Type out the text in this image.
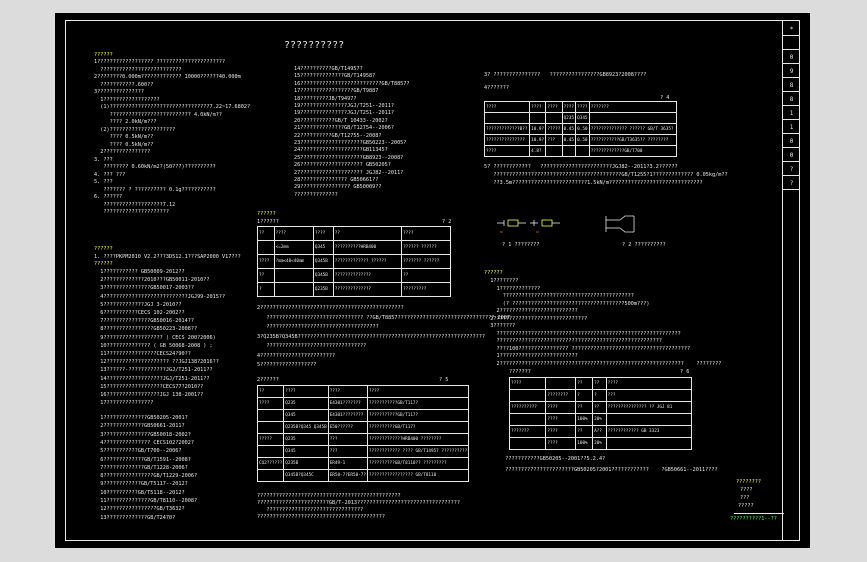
??????????
??????
1?????????????????? ??????????????????????
??????????????????????????
2????????0.000m????????????? 10000??????40.000m
???????????.600??
3???????????????
1??????????????????
(1)????????????????????????????????7.22~17.6802?
?????????????????????????? 4.0kN/m??
???? 2.0kN/m???
(2)?????????????????????
???? 0.5kN/m??
???? 0.5kN/m??
2???????????????
3. ???
???????? 0.60kN/m2?(50???)??????????
4. ??? ???
5. ???
??????? ? ?????????? 0.1g???????????
6. ??????
???????????????????7.12
?????????????????????
??????
1. ????PKPM2010 V2.2???3D512.1???SAP2000 V17???
??????
1??????????? GB50009-2012??
2?????????????2010???GB50011-2010??
3???????????????GB50017-2003??
4???????????????????????????JGJ99-2015??
5?????????????JGJ 3-2010??
6???????????CECS 102-2002??
7???????????????GB50016-2014??
8????????????????GB50223-2008??
9??????????????????? ( CECS 200?2006)
10?????????????? ( GB 50068-2008 ) ;
11????????????????CECS24?90??
12???????????????????? ??JGJ138?2016??
13??????-????????????JGJ/T251-2011??
14??????????????????JGJ/T251-2011??
15??????????????????CECS77?2010??
16?????????????????JGJ 138-2001??
17???????????????
1??????????????GB50205-2001?
2?????????????GB50661-2011?
3???????????????GB50018-2002?
4??????????????? CECS102?2002?
5???????????GB/T700--2006?
6?????????????GB/T1591--2008?
7?????????????GB/T1228-2006?
8????????????????GB/T1229-2006?
9????????????GB/T5117--2012?
10??????????GB/T5118--2012?
11??????????????GB/T8110--2008?
12????????????????GB/T3632?
13?????????????GB/T2470?
14??????????GB/T14957?
15??????????????GB/T14958?
16??????????????????????????GB/T8857?
17?????????????????GB/T9887
18?????????JB/T9497?
19???????????????JGJ/T251--2011?
19???????????????JGJ/T251--2011?
20???????????GB/T 10433--2002?
21??????????????GB/T12754--2006?
22??????????GB/T12755--2008?
23????????????????????GB50223--2005?
24????????????????????GB11345?
25????????????????????GB8923--2008?
26???????????????????? GB50205?
27???????????????????? JGJ82--2011?
28??????????????? GB50661??
29???????????????? GB50009??
??????????????
??????
1??????	? 2
??	????	????	??	????
	<=2mm	Q345	??????????HRB400	?????? ??????
????	?mm<40<40mm	Q345B	????????????? ??????	??????? ??????
??		Q345B	??????????????	??
?		Q235B	??????????????	?????????
2??????????????????????????????????????????????
??????????????????????????????? ??GB/T8857??????????????????????????????? 2007
????????????????????????????????????
3?Q235B?Q345B????????????????????????????????????????????????????????????
????????????????????????????????
4????????????????????????
5??????????????????
2??????	? 5
??	????	????	????
????	Q235	E4301???????	???????????GB/T117?
	Q345	E4301????????	???????????GB/T117?
	Q235B?Q345 Q345B	E50??????	??????????GB/T117?
?????	Q235	???	?????????????HRB400 ????????
	Q345	???	???????????? ???? GB/T14957 ??????????
CO2??????	Q235B	ER49-1	??????????GB/T8110?? ?????????
	Q345B?Q345C	ER50-7?ER50-7?	????????????????? GB/T8110
??????????????????????????????????????????????
???????????????????????GB/T-2013?????????????????????????????????
???????????????????????????????
?????????????????????????????????????????
3? ???????????????   ????????????????GB8923?2008????
4???????
? 4
????	????	????	????	????	???????
			Q235	Q345	
?????????????B??	10.9?	?????	0.45	0.50	?????????????? ?????? GB/T 3635?
???????????????	10.9?	???	0.45	0.50	???????????GB/T3635?? ????????
????	4.8?				?????????????GB/T700
5? ????????????   ???????????????????????JGJ82--2011?3.2??????
?????????????????????????????????????????GB/T1255?1????????????? 0.05kg/m??
??3.5m????????????????????????1.5kN/m??????????????????????????????
? 1 ????????	? 2 ??????????
??????
1????????
1?????????????
??????????????????????????????????????????
(? ????????????????????????????????????500m???)
2?????????????????????????
2??????????????????????????????
3???????
???????????????????????????????????????????????????????????
?????????????????????????????????????????????????????
????100???????????????? ??????????????????????????????????????
1?????????????????????????
2???????????????????????????????????????????????????????????    ????????
???????	? 6
????		??	??	????
	????????	?	?	???
??????????	????	??	??	??????????????? ?? JGJ 81
	????	100%	20%	
???????	????	??	A??	???????????? GB 3323
	????	100%	20%	
???????????GB50205--2001??5.2.4?
??????????????????????GB50205?2001????????????    ?GB50661--2011????
????????
????
???
?????
??????????1--??
*
0
9
8
8
1
1
0
0
?
?
